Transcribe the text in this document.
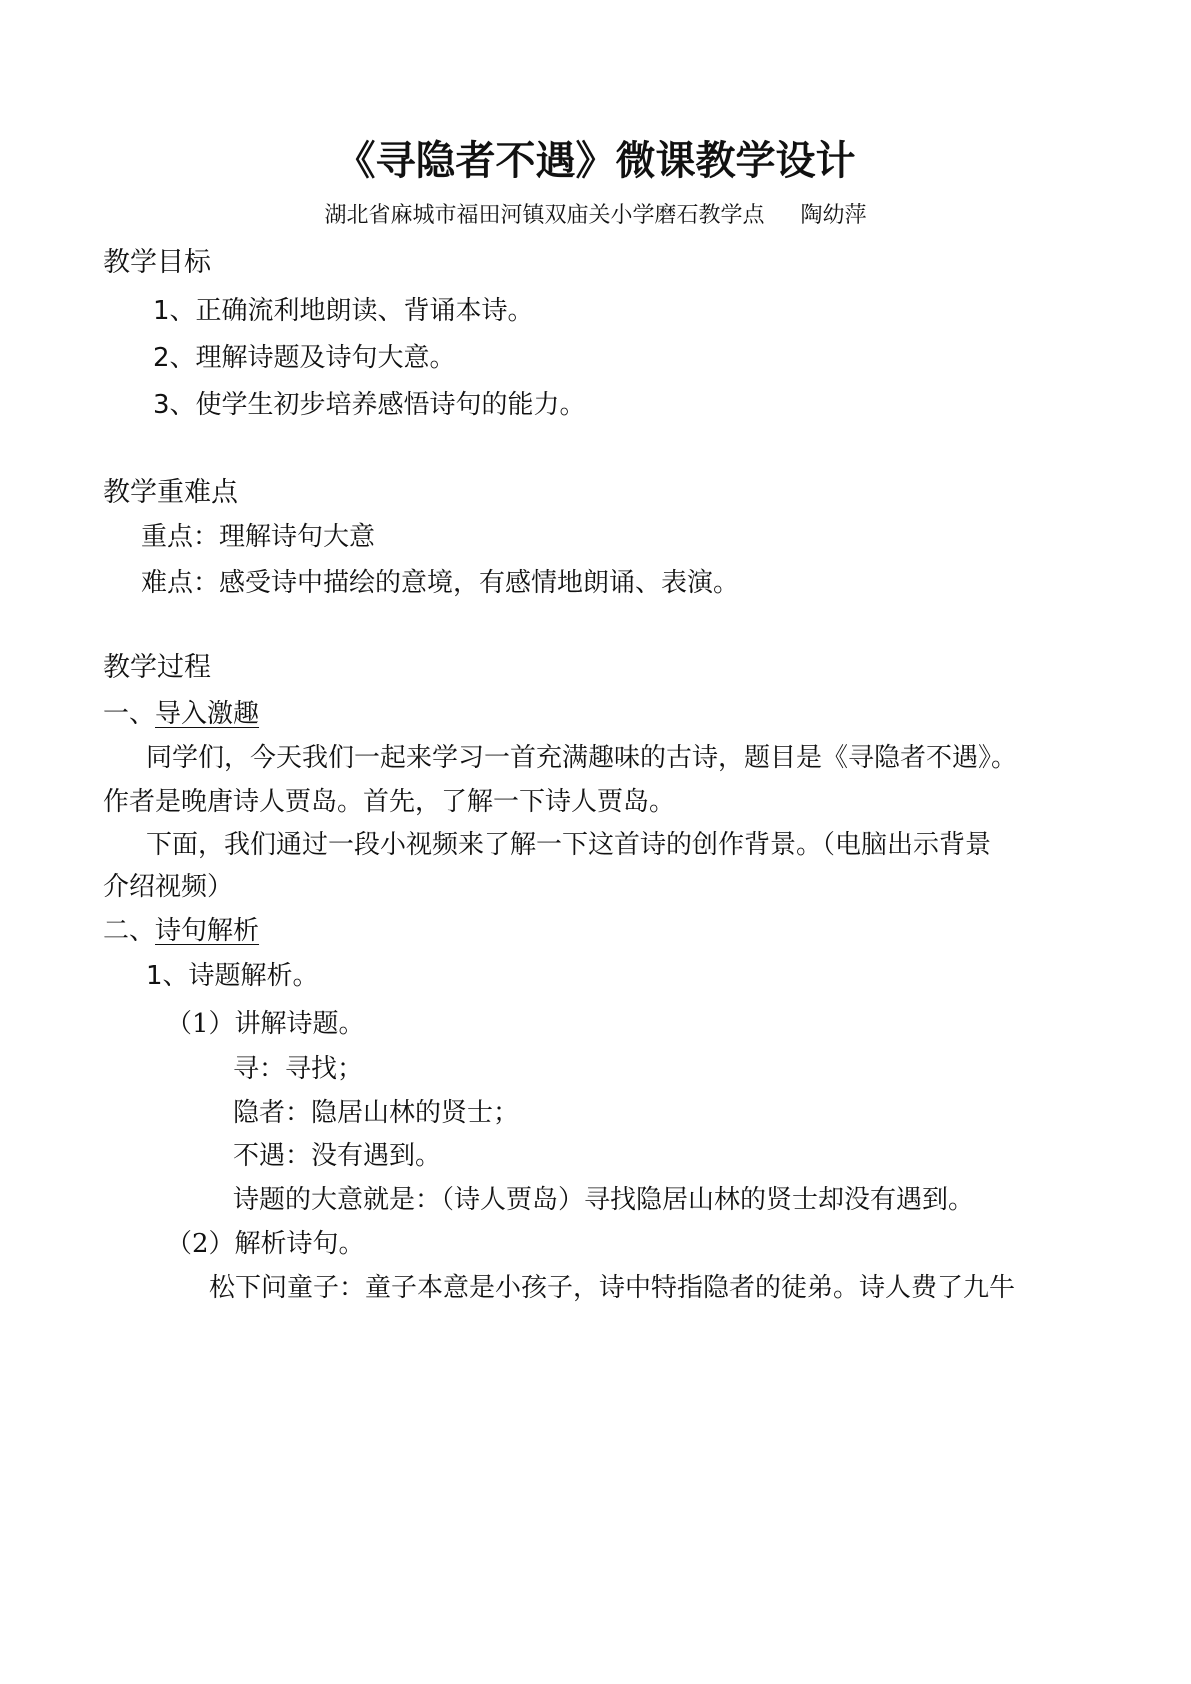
《寻隐者不遇》微课教学设计
湖北省麻城市福田河镇双庙关小学磨石教学点 陶幼萍
教学目标
1、正确流利地朗读、背诵本诗。
2、理解诗题及诗句大意。
3、使学生初步培养感悟诗句的能力。
教学重难点
重点：理解诗句大意
难点：感受诗中描绘的意境，有感情地朗诵、表演。
教学过程
一、导入激趣
同学们，今天我们一起来学习一首充满趣味的古诗，题目是《寻隐者不遇》。
作者是晚唐诗人贾岛。首先，了解一下诗人贾岛。
下面，我们通过一段小视频来了解一下这首诗的创作背景。（电脑出示背景
介绍视频）
二、诗句解析
1、诗题解析。
（1）讲解诗题。
寻：寻找；
隐者：隐居山林的贤士；
不遇：没有遇到。
诗题的大意就是：（诗人贾岛）寻找隐居山林的贤士却没有遇到。
（2）解析诗句。
松下问童子：童子本意是小孩子，诗中特指隐者的徒弟。诗人费了九牛
